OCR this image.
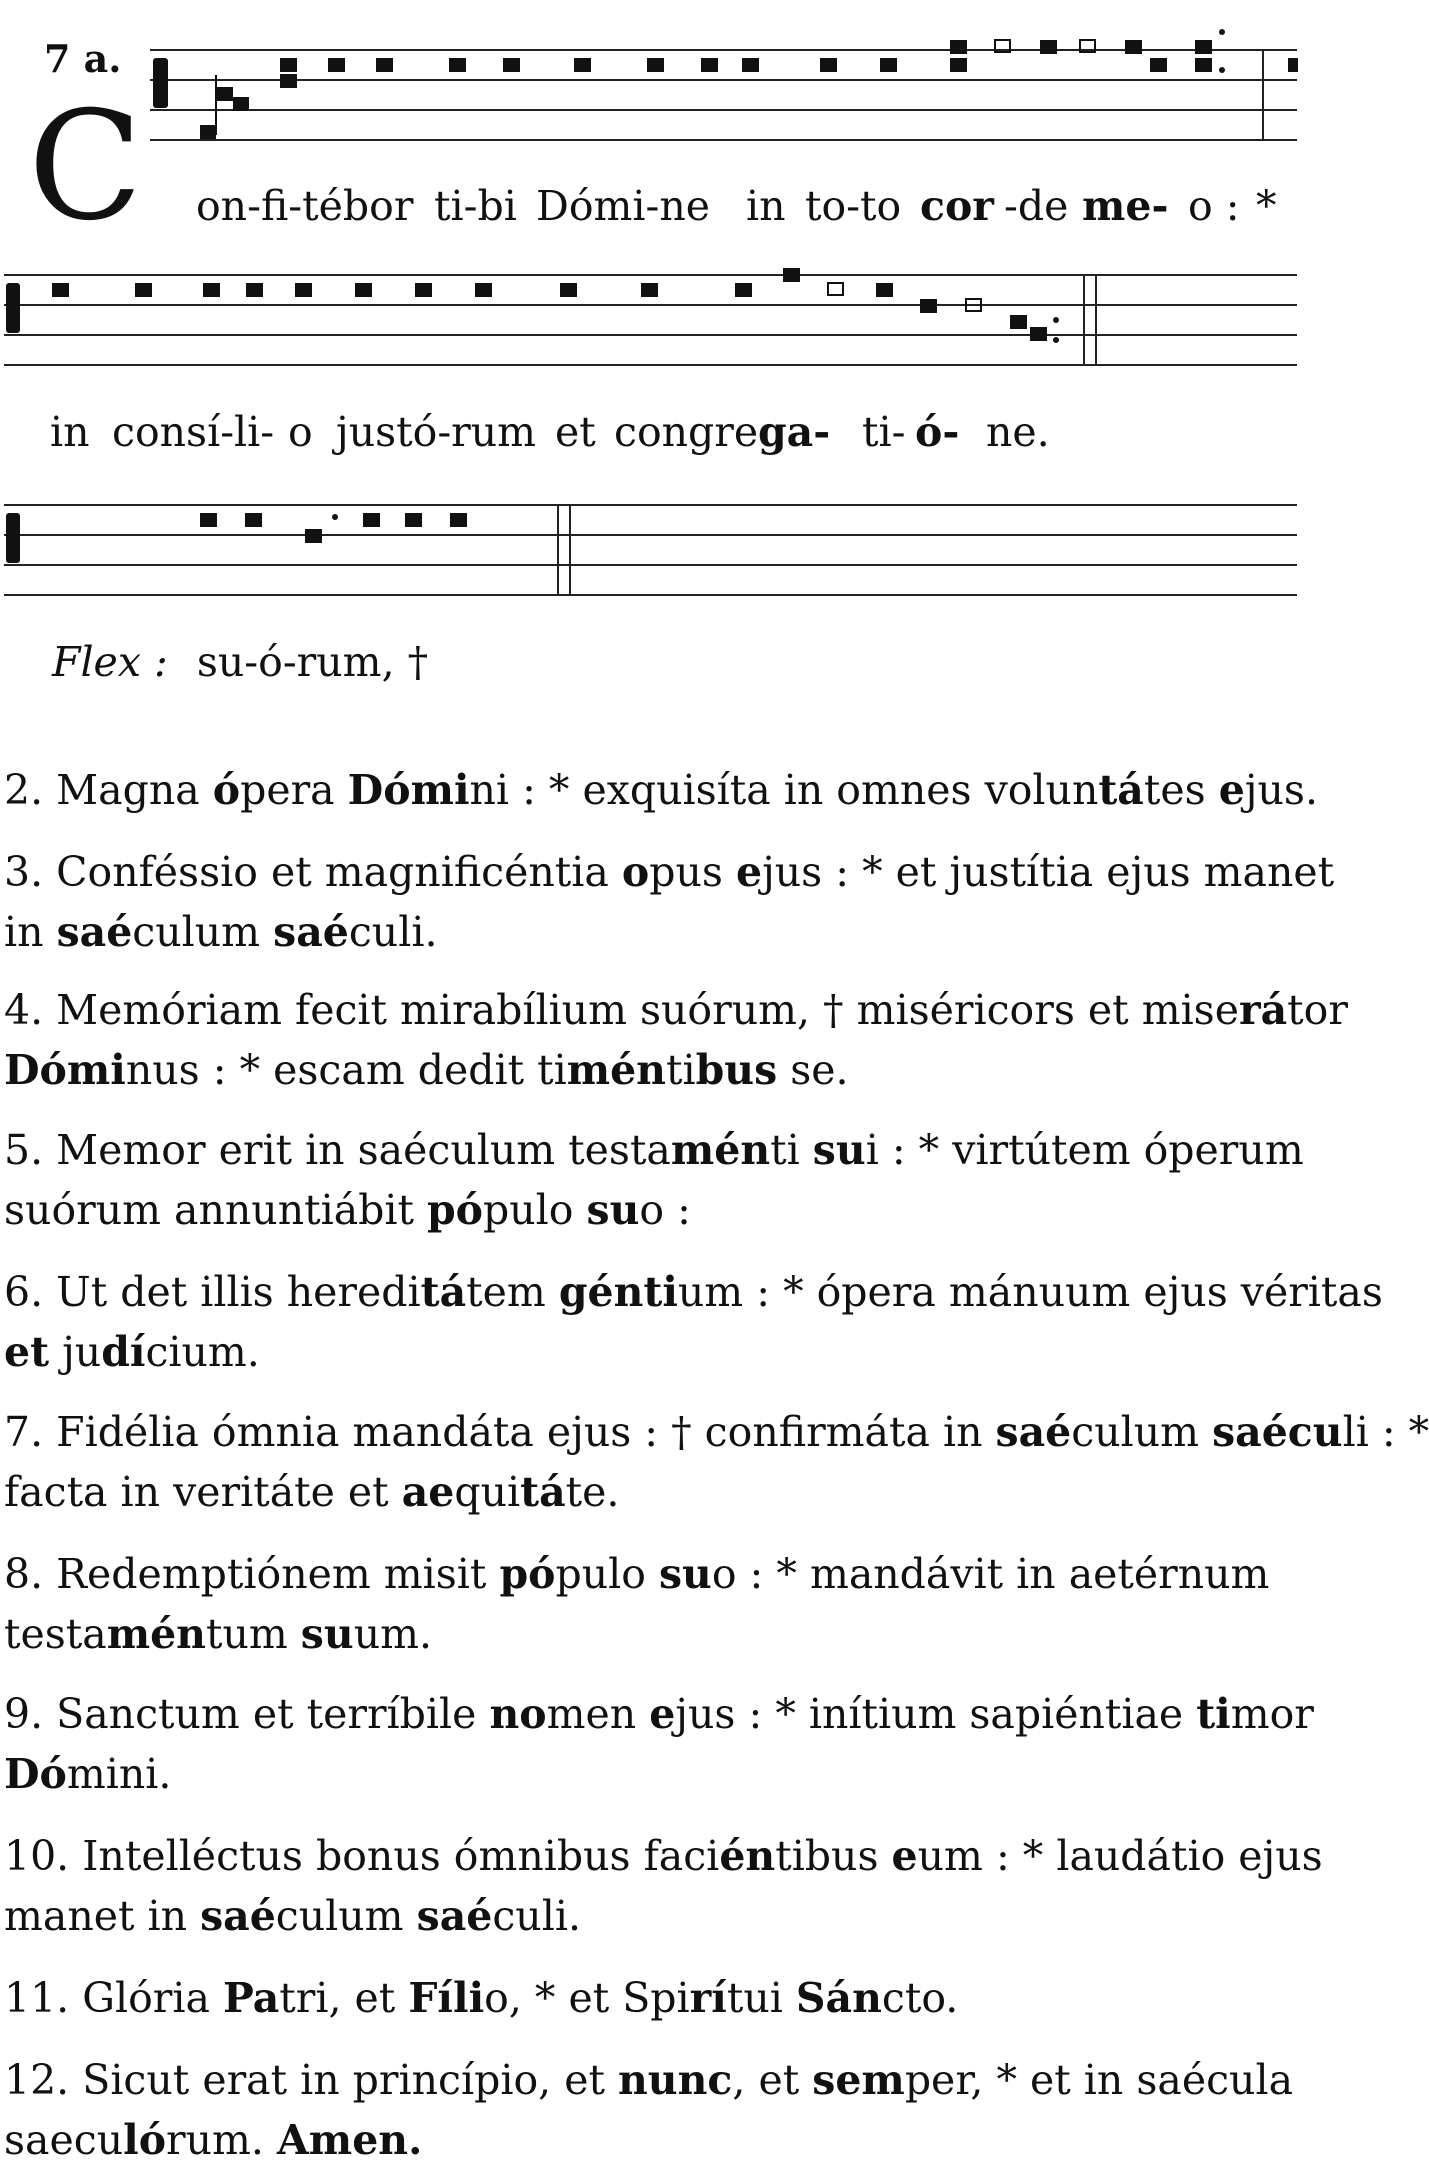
7 a.
C on-fi-tébor ti-bi Dómi-ne in to-to cor -de me- o : *
in consí-li- o justó-rum et congre ga- ti- ó- ne.
Flex : su-ó-rum, †
2. Magna ópera Dómini : * exquisíta in omnes voluntátes ejus.
3. Conféssio et magnificéntia opus ejus : * et justítia ejus manet
in saéculum saéculi.
4. Memóriam fecit mirabílium suórum, † miséricors et miserátor
Dóminus : * escam dedit timéntibus se.
5. Memor erit in saéculum testaménti sui : * virtútem óperum
suórum annuntiábit pópulo suo :
6. Ut det illis hereditátem géntium : * ópera mánuum ejus véritas
et judícium.
7. Fidélia ómnia mandáta ejus : † confirmáta in saéculum saéculi : *
facta in veritáte et aequitáte.
8. Redemptiónem misit pópulo suo : * mandávit in aetérnum
testaméntum suum.
9. Sanctum et terríbile nomen ejus : * inítium sapiéntiae timor
Dómini.
10. Intelléctus bonus ómnibus faciéntibus eum : * laudátio ejus
manet in saéculum saéculi.
11. Glória Patri, et Fílio, * et Spirítui Sáncto.
12. Sicut erat in princípio, et nunc, et semper, * et in saécula
saeculórum. Amen.
